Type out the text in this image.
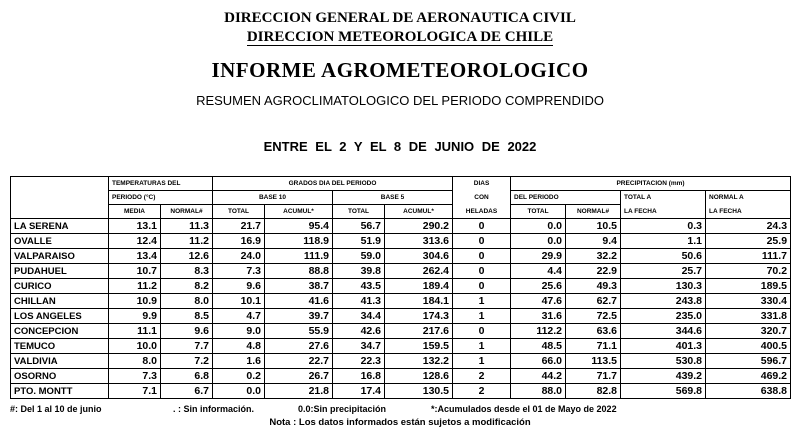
DIRECCION GENERAL DE AERONAUTICA CIVIL
DIRECCION METEOROLOGICA DE CHILE
INFORME AGROMETEOROLOGICO
RESUMEN AGROCLIMATOLOGICO DEL PERIODO COMPRENDIDO
ENTRE EL 2 Y EL 8 DE JUNIO DE 2022
	TEMPERATURAS DEL		GRADOS DIA DEL PERIODO				DIAS	PRECIPITACION (mm)			
	PERIODO (°C)		BASE 10		BASE 5		CON	DEL PERIODO		TOTAL A	NORMAL A
	MEDIA	NORMAL#	TOTAL	ACUMUL*	TOTAL	ACUMUL*	HELADAS	TOTAL	NORMAL#	LA FECHA	LA FECHA
LA SERENA	13.1	11.3	21.7	95.4	56.7	290.2	0	0.0	10.5	0.3	24.3
OVALLE	12.4	11.2	16.9	118.9	51.9	313.6	0	0.0	9.4	1.1	25.9
VALPARAISO	13.4	12.6	24.0	111.9	59.0	304.6	0	29.9	32.2	50.6	111.7
PUDAHUEL	10.7	8.3	7.3	88.8	39.8	262.4	0	4.4	22.9	25.7	70.2
CURICO	11.2	8.2	9.6	38.7	43.5	189.4	0	25.6	49.3	130.3	189.5
CHILLAN	10.9	8.0	10.1	41.6	41.3	184.1	1	47.6	62.7	243.8	330.4
LOS ANGELES	9.9	8.5	4.7	39.7	34.4	174.3	1	31.6	72.5	235.0	331.8
CONCEPCION	11.1	9.6	9.0	55.9	42.6	217.6	0	112.2	63.6	344.6	320.7
TEMUCO	10.0	7.7	4.8	27.6	34.7	159.5	1	48.5	71.1	401.3	400.5
VALDIVIA	8.0	7.2	1.6	22.7	22.3	132.2	1	66.0	113.5	530.8	596.7
OSORNO	7.3	6.8	0.2	26.7	16.8	128.6	2	44.2	71.7	439.2	469.2
PTO. MONTT	7.1	6.7	0.0	21.8	17.4	130.5	2	88.0	82.8	569.8	638.8
#: Del 1 al 10 de junio	. : Sin información.	0.0:Sin precipitación	*:Acumulados desde el 01 de Mayo de 2022
Nota : Los datos informados están sujetos a modificación
